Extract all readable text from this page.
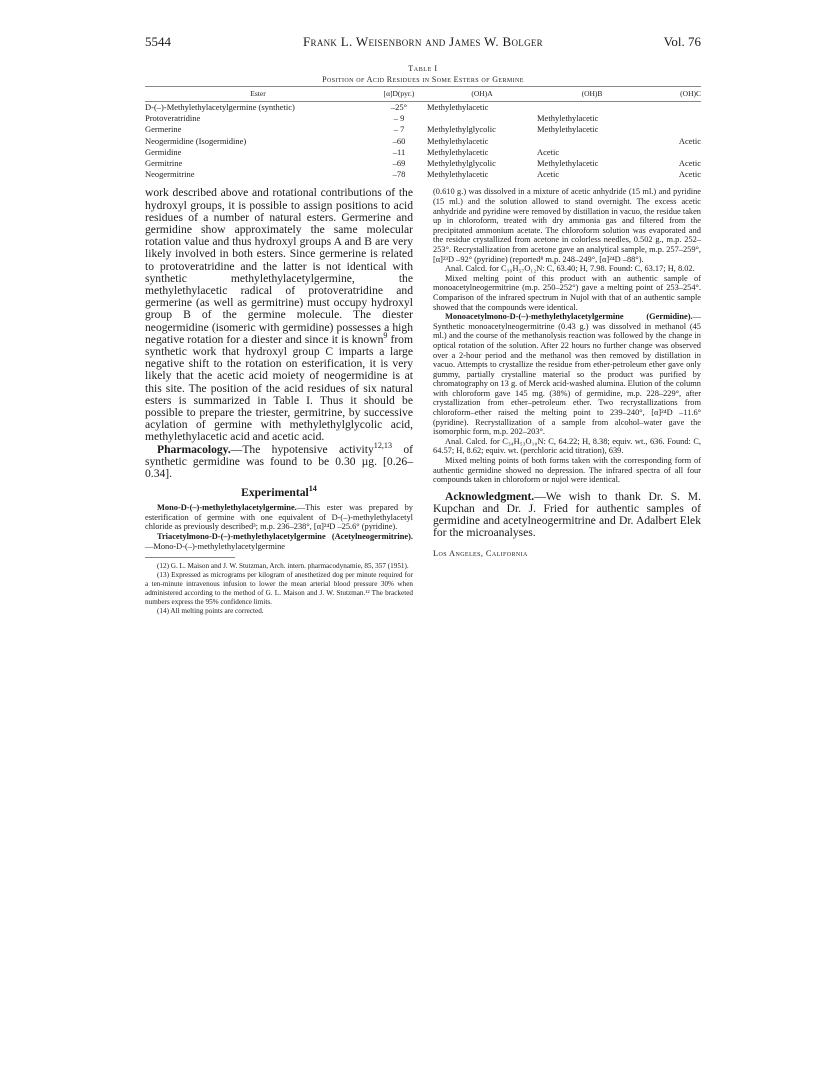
5544	Frank L. Weisenborn and James W. Bolger	Vol. 76
Table I
Position of Acid Residues in Some Esters of Germine
Ester	[α]D(pyr.)	(OH)A	(OH)B	(OH)C
D-(–)-Methylethylacetylgermine (synthetic)	–25°	Methylethylacetic		
Protoveratridine	– 9		Methylethylacetic	
Germerine	– 7	Methylethylglycolic	Methylethylacetic	
Neogermidine (Isogermidine)	–60	Methylethylacetic		Acetic
Germidine	–11	Methylethylacetic	Acetic	
Germitrine	–69	Methylethylglycolic	Methylethylacetic	Acetic
Neogermitrine	–78	Methylethylacetic	Acetic	Acetic

work described above and rotational contributions of the hydroxyl groups, it is possible to assign positions to acid residues of a number of natural esters. Germerine and germidine show approximately the same molecular rotation value and thus hydroxyl groups A and B are very likely involved in both esters. Since germerine is related to protoveratridine and the latter is not identical with synthetic methylethylacetylgermine, the methylethylacetic radical of protoveratridine and germerine (as well as germitrine) must occupy hydroxyl group B of the germine molecule. The diester neogermidine (isomeric with germidine) possesses a high negative rotation for a diester and since it is known$^9$ from synthetic work that hydroxyl group C imparts a large negative shift to the rotation on esterification, it is very likely that the acetic acid moiety of neogermidine is at this site. The position of the acid residues of six natural esters is summarized in Table I. Thus it should be possible to prepare the triester, germitrine, by successive acylation of germine with methylethylglycolic acid, methylethylacetic acid and acetic acid.

Pharmacology.—The hypotensive activity$^{12,13}$ of synthetic germidine was found to be 0.30 µg. [0.26–0.34].

Experimental$^{14}$

Mono-D-(–)-methylethylacetylgermine.—This ester was prepared by esterification of germine with one equivalent of D-(–)-methylethylacetyl chloride as previously described³; m.p. 236–238°, [α]²⁴D –25.6° (pyridine).

Triacetylmono-D-(–)-methylethylacetylgermine (Acetylneogermitrine).—Mono-D-(–)-methylethylacetylgermine

(12) G. L. Maison and J. W. Stutzman, Arch. intern. pharmacodynamie, 85, 357 (1951).

(13) Expressed as micrograms per kilogram of anesthetized dog per minute required for a ten-minute intravenous infusion to lower the mean arterial blood pressure 30% when administered according to the method of G. L. Maison and J. W. Stutzman.¹² The bracketed numbers express the 95% confidence limits.

(14) All melting points are corrected.

(0.610 g.) was dissolved in a mixture of acetic anhydride (15 ml.) and pyridine (15 ml.) and the solution allowed to stand overnight. The excess acetic anhydride and pyridine were removed by distillation in vacuo, the residue taken up in chloroform, treated with dry ammonia gas and filtered from the precipitated ammonium acetate. The chloroform solution was evaporated and the residue crystallized from acetone in colorless needles, 0.502 g., m.p. 252–253°. Recrystallization from acetone gave an analytical sample, m.p. 257–259°, [α]²³D –92° (pyridine) (reported⁸ m.p. 248–249°, [α]²⁴D –88°).

Anal. Calcd. for C₃₉H₅₇O₁₂N: C, 63.40; H, 7.98. Found: C, 63.17; H, 8.02.

Mixed melting point of this product with an authentic sample of monoacetylneogermitrine (m.p. 250–252°) gave a melting point of 253–254°. Comparison of the infrared spectrum in Nujol with that of an authentic sample showed that the compounds were identical.

Monoacetylmono-D-(–)-methylethylacetylgermine (Germidine).—Synthetic monoacetylneogermitrine (0.43 g.) was dissolved in methanol (45 ml.) and the course of the methanolysis reaction was followed by the change in optical rotation of the solution. After 22 hours no further change was observed over a 2-hour period and the methanol was then removed by distillation in vacuo. Attempts to crystallize the residue from ether-petroleum ether gave only gummy, partially crystalline material so the product was purified by chromatography on 13 g. of Merck acid-washed alumina. Elution of the column with chloroform gave 145 mg. (38%) of germidine, m.p. 228–229°, after crystallization from ether–petroleum ether. Two recrystallizations from chloroform–ether raised the melting point to 239–240°, [α]²⁴D –11.6° (pyridine). Recrystallization of a sample from alcohol–water gave the isomorphic form, m.p. 202–203°.

Anal. Calcd. for C₃₄H₅₃O₁₀N: C, 64.22; H, 8.38; equiv. wt., 636. Found: C, 64.57; H, 8.62; equiv. wt. (perchloric acid titration), 639.

Mixed melting points of both forms taken with the corresponding form of authentic germidine showed no depression. The infrared spectra of all four compounds taken in chloroform or nujol were identical.

Acknowledgment.—We wish to thank Dr. S. M. Kupchan and Dr. J. Fried for authentic samples of germidine and acetylneogermitrine and Dr. Adalbert Elek for the microanalyses.

Los Angeles, California
